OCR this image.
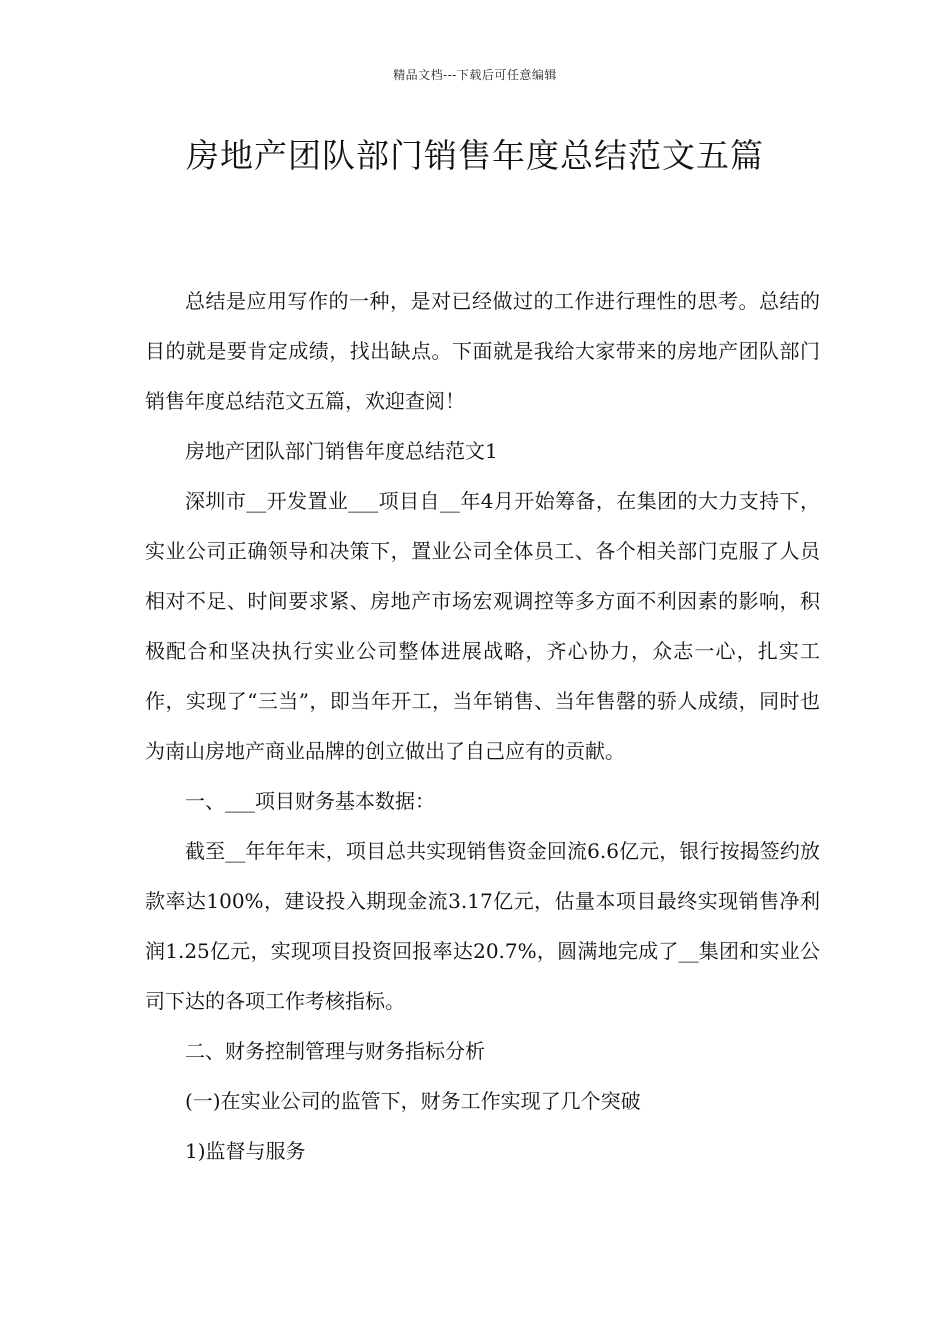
精品文档---下载后可任意编辑
房地产团队部门销售年度总结范文五篇

总结是应用写作的一种，是对已经做过的工作进行理性的思考。总结的目的就是要肯定成绩，找出缺点。下面就是我给大家带来的房地产团队部门销售年度总结范文五篇，欢迎查阅！

房地产团队部门销售年度总结范文1

深圳市__开发置业___项目自__年4月开始筹备，在集团的大力支持下，实业公司正确领导和决策下，置业公司全体员工、各个相关部门克服了人员相对不足、时间要求紧、房地产市场宏观调控等多方面不利因素的影响，积极配合和坚决执行实业公司整体进展战略，齐心协力，众志一心，扎实工作，实现了“三当”，即当年开工，当年销售、当年售罄的骄人成绩，同时也为南山房地产商业品牌的创立做出了自己应有的贡献。

一、___项目财务基本数据：

截至__年年年末，项目总共实现销售资金回流6.6亿元，银行按揭签约放款率达100%，建设投入期现金流3.17亿元，估量本项目最终实现销售净利润1.25亿元，实现项目投资回报率达20.7%，圆满地完成了__集团和实业公司下达的各项工作考核指标。

二、财务控制管理与财务指标分析

(一)在实业公司的监管下，财务工作实现了几个突破

1)监督与服务
